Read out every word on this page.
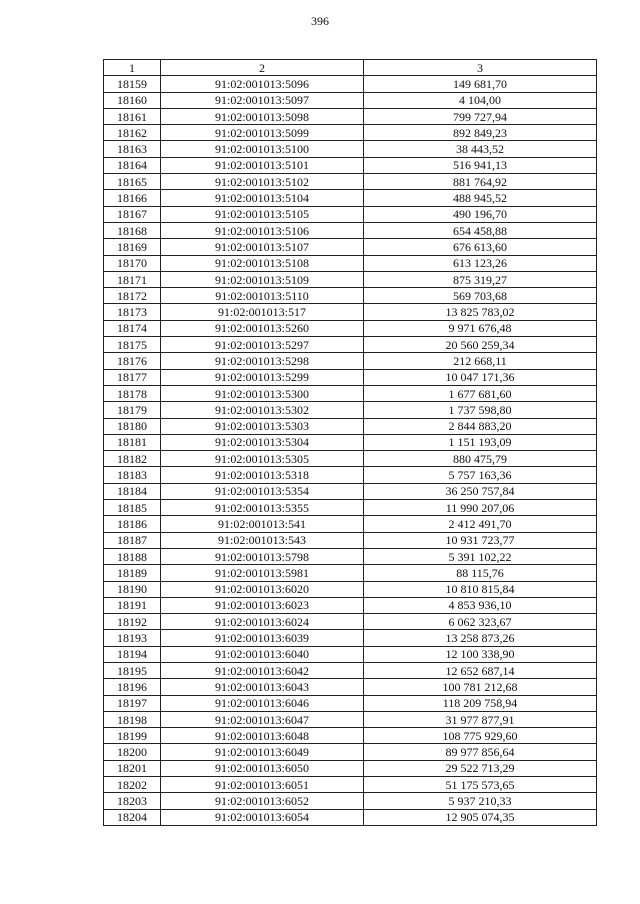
396
1	2	3
18159	91:02:001013:5096	149 681,70
18160	91:02:001013:5097	4 104,00
18161	91:02:001013:5098	799 727,94
18162	91:02:001013:5099	892 849,23
18163	91:02:001013:5100	38 443,52
18164	91:02:001013:5101	516 941,13
18165	91:02:001013:5102	881 764,92
18166	91:02:001013:5104	488 945,52
18167	91:02:001013:5105	490 196,70
18168	91:02:001013:5106	654 458,88
18169	91:02:001013:5107	676 613,60
18170	91:02:001013:5108	613 123,26
18171	91:02:001013:5109	875 319,27
18172	91:02:001013:5110	569 703,68
18173	91:02:001013:517	13 825 783,02
18174	91:02:001013:5260	9 971 676,48
18175	91:02:001013:5297	20 560 259,34
18176	91:02:001013:5298	212 668,11
18177	91:02:001013:5299	10 047 171,36
18178	91:02:001013:5300	1 677 681,60
18179	91:02:001013:5302	1 737 598,80
18180	91:02:001013:5303	2 844 883,20
18181	91:02:001013:5304	1 151 193,09
18182	91:02:001013:5305	880 475,79
18183	91:02:001013:5318	5 757 163,36
18184	91:02:001013:5354	36 250 757,84
18185	91:02:001013:5355	11 990 207,06
18186	91:02:001013:541	2 412 491,70
18187	91:02:001013:543	10 931 723,77
18188	91:02:001013:5798	5 391 102,22
18189	91:02:001013:5981	88 115,76
18190	91:02:001013:6020	10 810 815,84
18191	91:02:001013:6023	4 853 936,10
18192	91:02:001013:6024	6 062 323,67
18193	91:02:001013:6039	13 258 873,26
18194	91:02:001013:6040	12 100 338,90
18195	91:02:001013:6042	12 652 687,14
18196	91:02:001013:6043	100 781 212,68
18197	91:02:001013:6046	118 209 758,94
18198	91:02:001013:6047	31 977 877,91
18199	91:02:001013:6048	108 775 929,60
18200	91:02:001013:6049	89 977 856,64
18201	91:02:001013:6050	29 522 713,29
18202	91:02:001013:6051	51 175 573,65
18203	91:02:001013:6052	5 937 210,33
18204	91:02:001013:6054	12 905 074,35
